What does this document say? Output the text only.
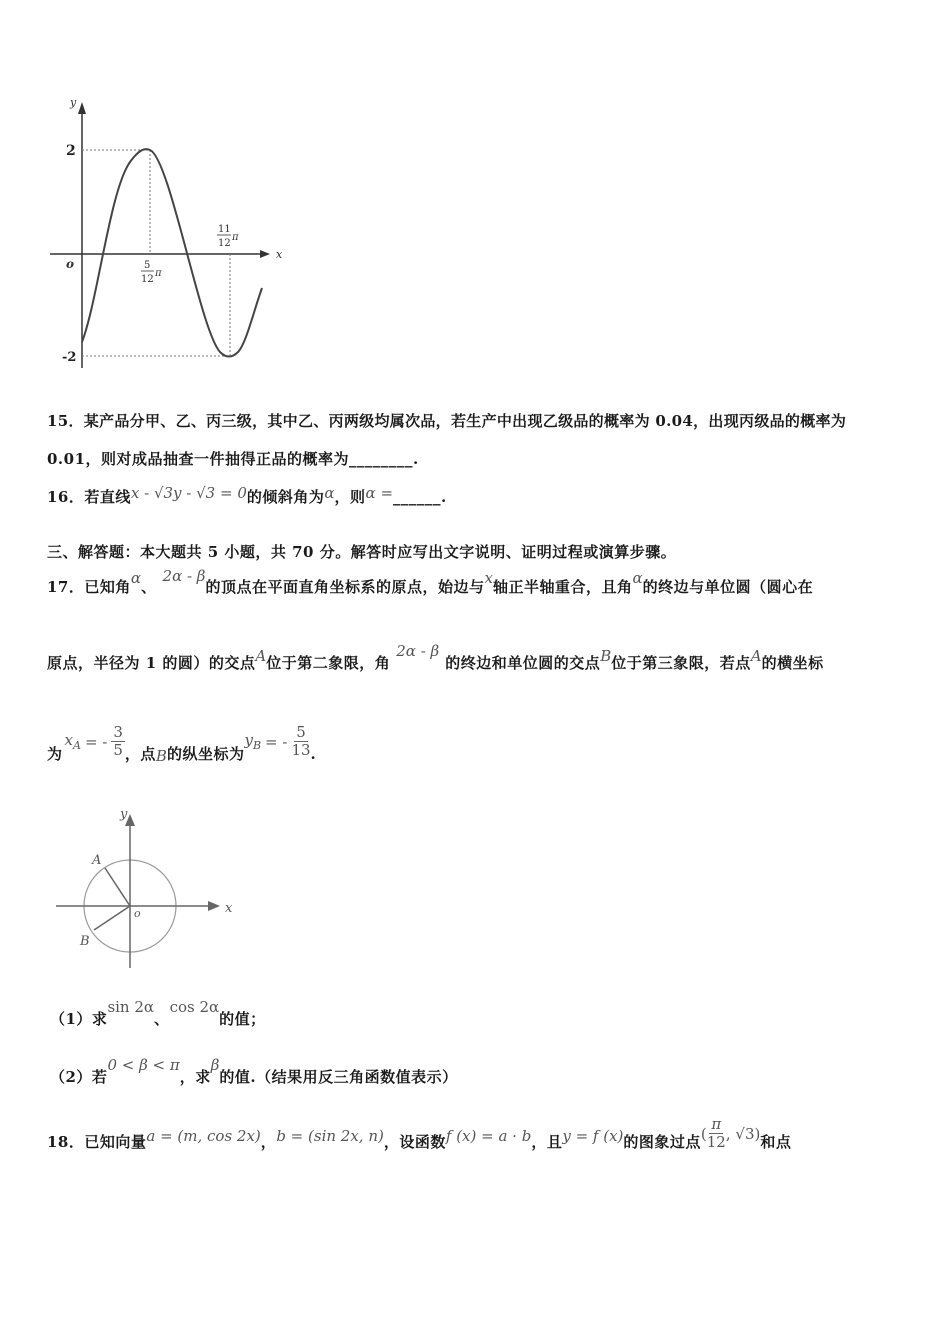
y
x
o
2
-2
5
12
π
11
12
π
15．某产品分甲、乙、丙三级，其中乙、丙两级均属次品，若生产中出现乙级品的概率为 0.04，出现丙级品的概率为
0.01，则对成品抽查一件抽得正品的概率为________.
16．若直线x - √3y - √3 = 0的倾斜角为α，则α =______.
三、解答题：本大题共 5 小题，共 70 分。解答时应写出文字说明、证明过程或演算步骤。
17．已知角α、2α - β的顶点在平面直角坐标系的原点，始边与x轴正半轴重合，且角α的终边与单位圆（圆心在
原点，半径为 1 的圆）的交点A位于第二象限，角2α - β的终边和单位圆的交点B位于第三象限，若点A的横坐标
为
$x_A$ = - $\frac{3}{5}$ ，点 B 的纵坐标为
$y_B$ = - $\frac{5}{13}$ .
y
x
o
A
B
（1）求sin 2α、cos 2α的值；
（2）若0 < β < π，求β的值.（结果用反三角函数值表示）
18．已知向量 a = (m, cos 2x) ， b = (sin 2x, n) ，设函数 f (x) = a · b ，且 y = f (x) 的图象过点 ( $\frac{\pi}{12}$ , √3) 和点
